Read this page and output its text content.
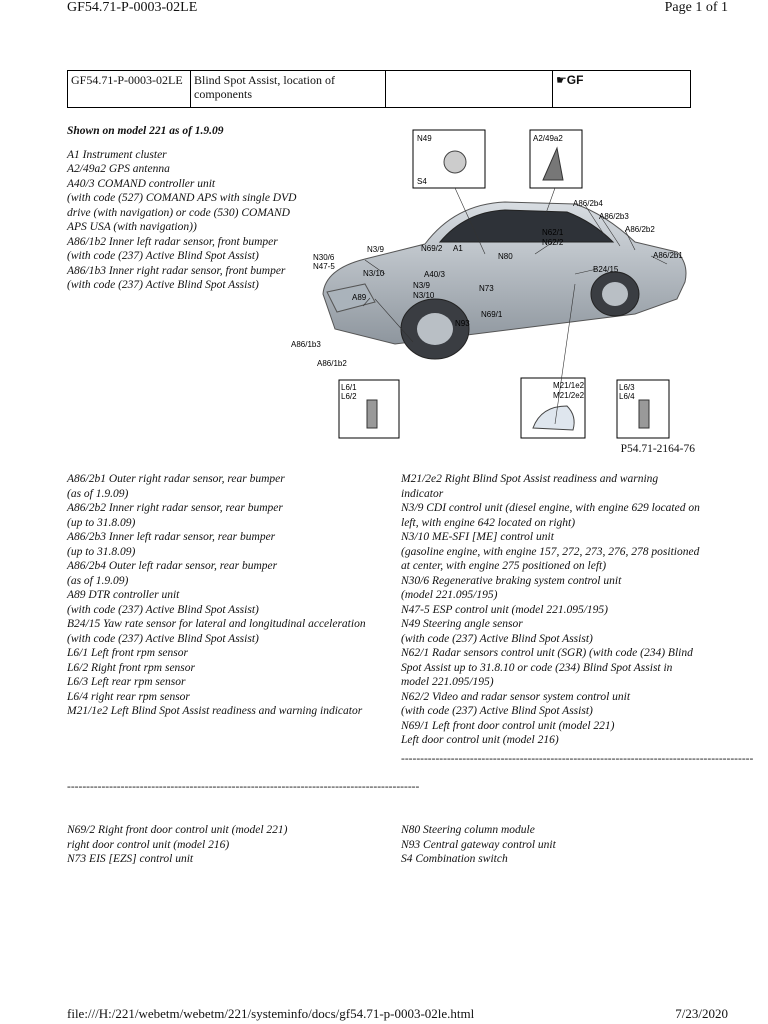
GF54.71-P-0003-02LE	Page 1 of 1
GF54.71-P-0003-02LE	Blind Spot Assist, location of components		☛GF
Shown on model 221 as of 1.9.09
A1 Instrument cluster
A2/49a2 GPS antenna
A40/3 COMAND controller unit
(with code (527) COMAND APS with single DVD drive (with navigation) or code (530) COMAND APS USA (with navigation))
A86/1b2 Inner left radar sensor, front bumper (with code (237) Active Blind Spot Assist)
A86/1b3 Inner right radar sensor, front bumper
(with code (237) Active Blind Spot Assist)
N49
S4
A2/49a2
A86/2b4
A86/2b3
A86/2b2
A86/2b1
N62/1
N62/2
B24/15
N30/6
N47-5
N3/9
N3/10
N69/2 A1
N80
A40/3
N3/9
N3/10
N73
A89
N69/1
N93
A86/1b3
A86/1b2
L6/1
L6/2
M21/1e2
M21/2e2
L6/3
L6/4
P54.71-2164-76
A86/2b1 Outer right radar sensor, rear bumper
(as of 1.9.09)
A86/2b2 Inner right radar sensor, rear bumper
(up to 31.8.09)
A86/2b3 Inner left radar sensor, rear bumper
(up to 31.8.09)
A86/2b4 Outer left radar sensor, rear bumper
(as of 1.9.09)
A89 DTR controller unit
(with code (237) Active Blind Spot Assist)
B24/15 Yaw rate sensor for lateral and longitudinal acceleration
(with code (237) Active Blind Spot Assist)
L6/1 Left front rpm sensor
L6/2 Right front rpm sensor
L6/3 Left rear rpm sensor
L6/4 right rear rpm sensor
M21/1e2 Left Blind Spot Assist readiness and warning indicator
M21/2e2 Right Blind Spot Assist readiness and warning indicator
N3/9 CDI control unit (diesel engine, with engine 629 located on left, with engine 642 located on right)
N3/10 ME-SFI [ME] control unit
(gasoline engine, with engine 157, 272, 273, 276, 278 positioned at center, with engine 275 positioned on left)
N30/6 Regenerative braking system control unit
(model 221.095/195)
N47-5 ESP control unit (model 221.095/195)
N49 Steering angle sensor
(with code (237) Active Blind Spot Assist)
N62/1 Radar sensors control unit (SGR) (with code (234) Blind Spot Assist up to 31.8.10 or code (234) Blind Spot Assist in model 221.095/195)
N62/2 Video and radar sensor system control unit
(with code (237) Active Blind Spot Assist)
N69/1 Left front door control unit (model 221)
Left door control unit (model 216)
--------------------------------------------------------------------------------------------
--------------------------------------------------------------------------------------------
N69/2 Right front door control unit (model 221)
right door control unit (model 216)
N73 EIS [EZS] control unit
N80 Steering column module
N93 Central gateway control unit
S4 Combination switch
file:///H:/221/webetm/webetm/221/systeminfo/docs/gf54.71-p-0003-02le.html	7/23/2020
